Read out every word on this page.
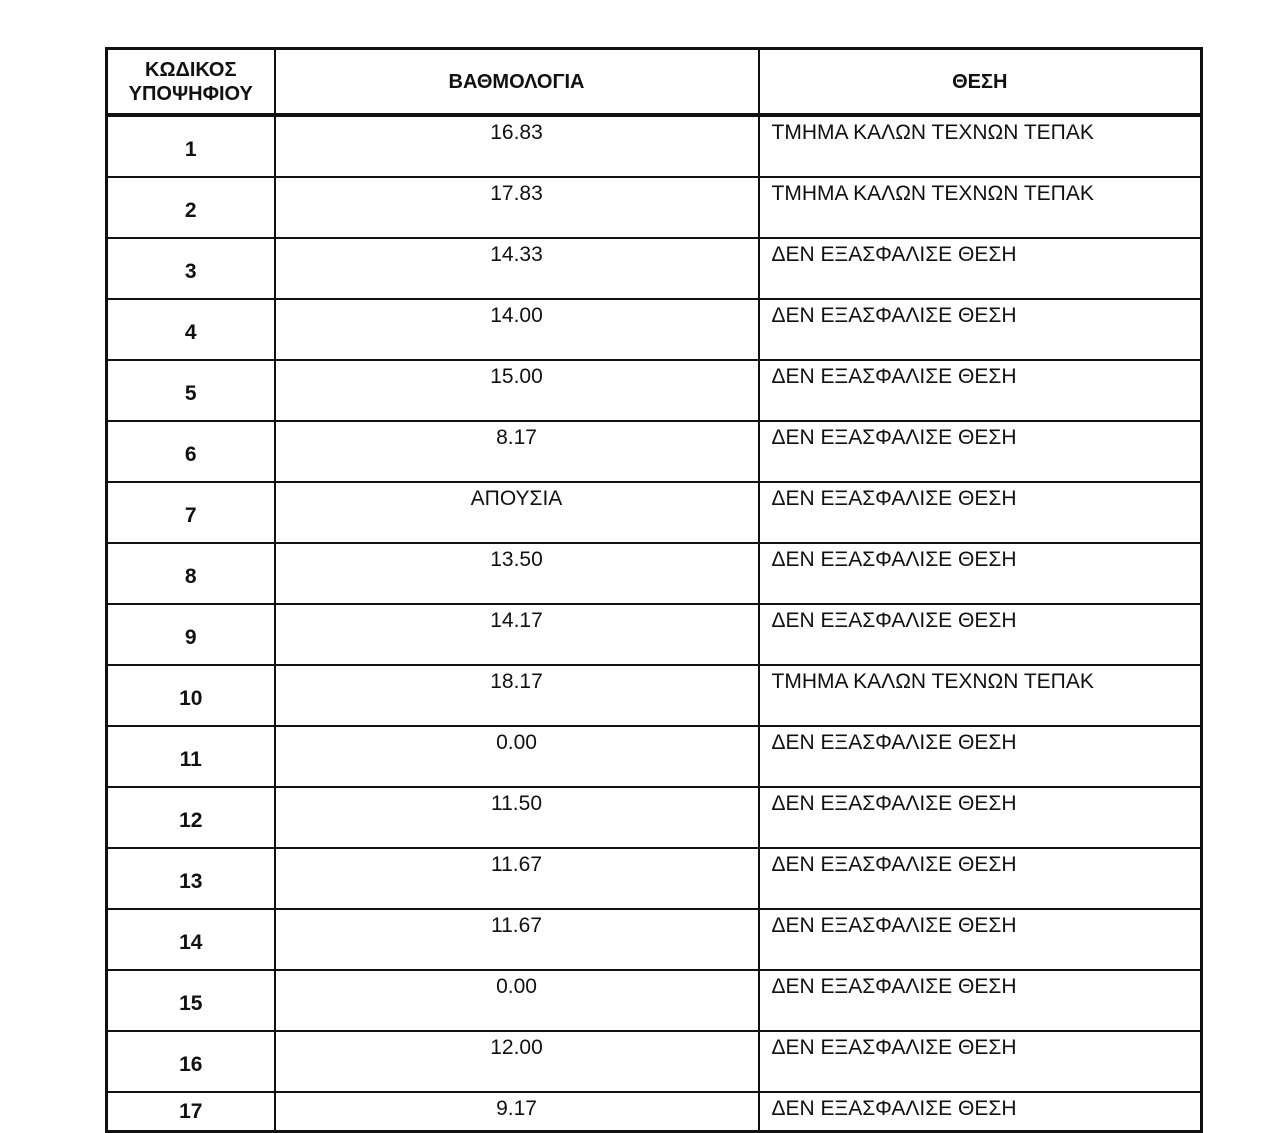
ΚΩΔΙΚΟΣ
ΥΠΟΨΗΦΙΟΥ	ΒΑΘΜΟΛΟΓΙΑ	ΘΕΣΗ
1	16.83	ΤΜΗΜΑ ΚΑΛΩΝ ΤΕΧΝΩΝ ΤΕΠΑΚ
2	17.83	ΤΜΗΜΑ ΚΑΛΩΝ ΤΕΧΝΩΝ ΤΕΠΑΚ
3	14.33	ΔΕΝ ΕΞΑΣΦΑΛΙΣΕ ΘΕΣΗ
4	14.00	ΔΕΝ ΕΞΑΣΦΑΛΙΣΕ ΘΕΣΗ
5	15.00	ΔΕΝ ΕΞΑΣΦΑΛΙΣΕ ΘΕΣΗ
6	8.17	ΔΕΝ ΕΞΑΣΦΑΛΙΣΕ ΘΕΣΗ
7	ΑΠΟΥΣΙΑ	ΔΕΝ ΕΞΑΣΦΑΛΙΣΕ ΘΕΣΗ
8	13.50	ΔΕΝ ΕΞΑΣΦΑΛΙΣΕ ΘΕΣΗ
9	14.17	ΔΕΝ ΕΞΑΣΦΑΛΙΣΕ ΘΕΣΗ
10	18.17	ΤΜΗΜΑ ΚΑΛΩΝ ΤΕΧΝΩΝ ΤΕΠΑΚ
11	0.00	ΔΕΝ ΕΞΑΣΦΑΛΙΣΕ ΘΕΣΗ
12	11.50	ΔΕΝ ΕΞΑΣΦΑΛΙΣΕ ΘΕΣΗ
13	11.67	ΔΕΝ ΕΞΑΣΦΑΛΙΣΕ ΘΕΣΗ
14	11.67	ΔΕΝ ΕΞΑΣΦΑΛΙΣΕ ΘΕΣΗ
15	0.00	ΔΕΝ ΕΞΑΣΦΑΛΙΣΕ ΘΕΣΗ
16	12.00	ΔΕΝ ΕΞΑΣΦΑΛΙΣΕ ΘΕΣΗ
17	9.17	ΔΕΝ ΕΞΑΣΦΑΛΙΣΕ ΘΕΣΗ
